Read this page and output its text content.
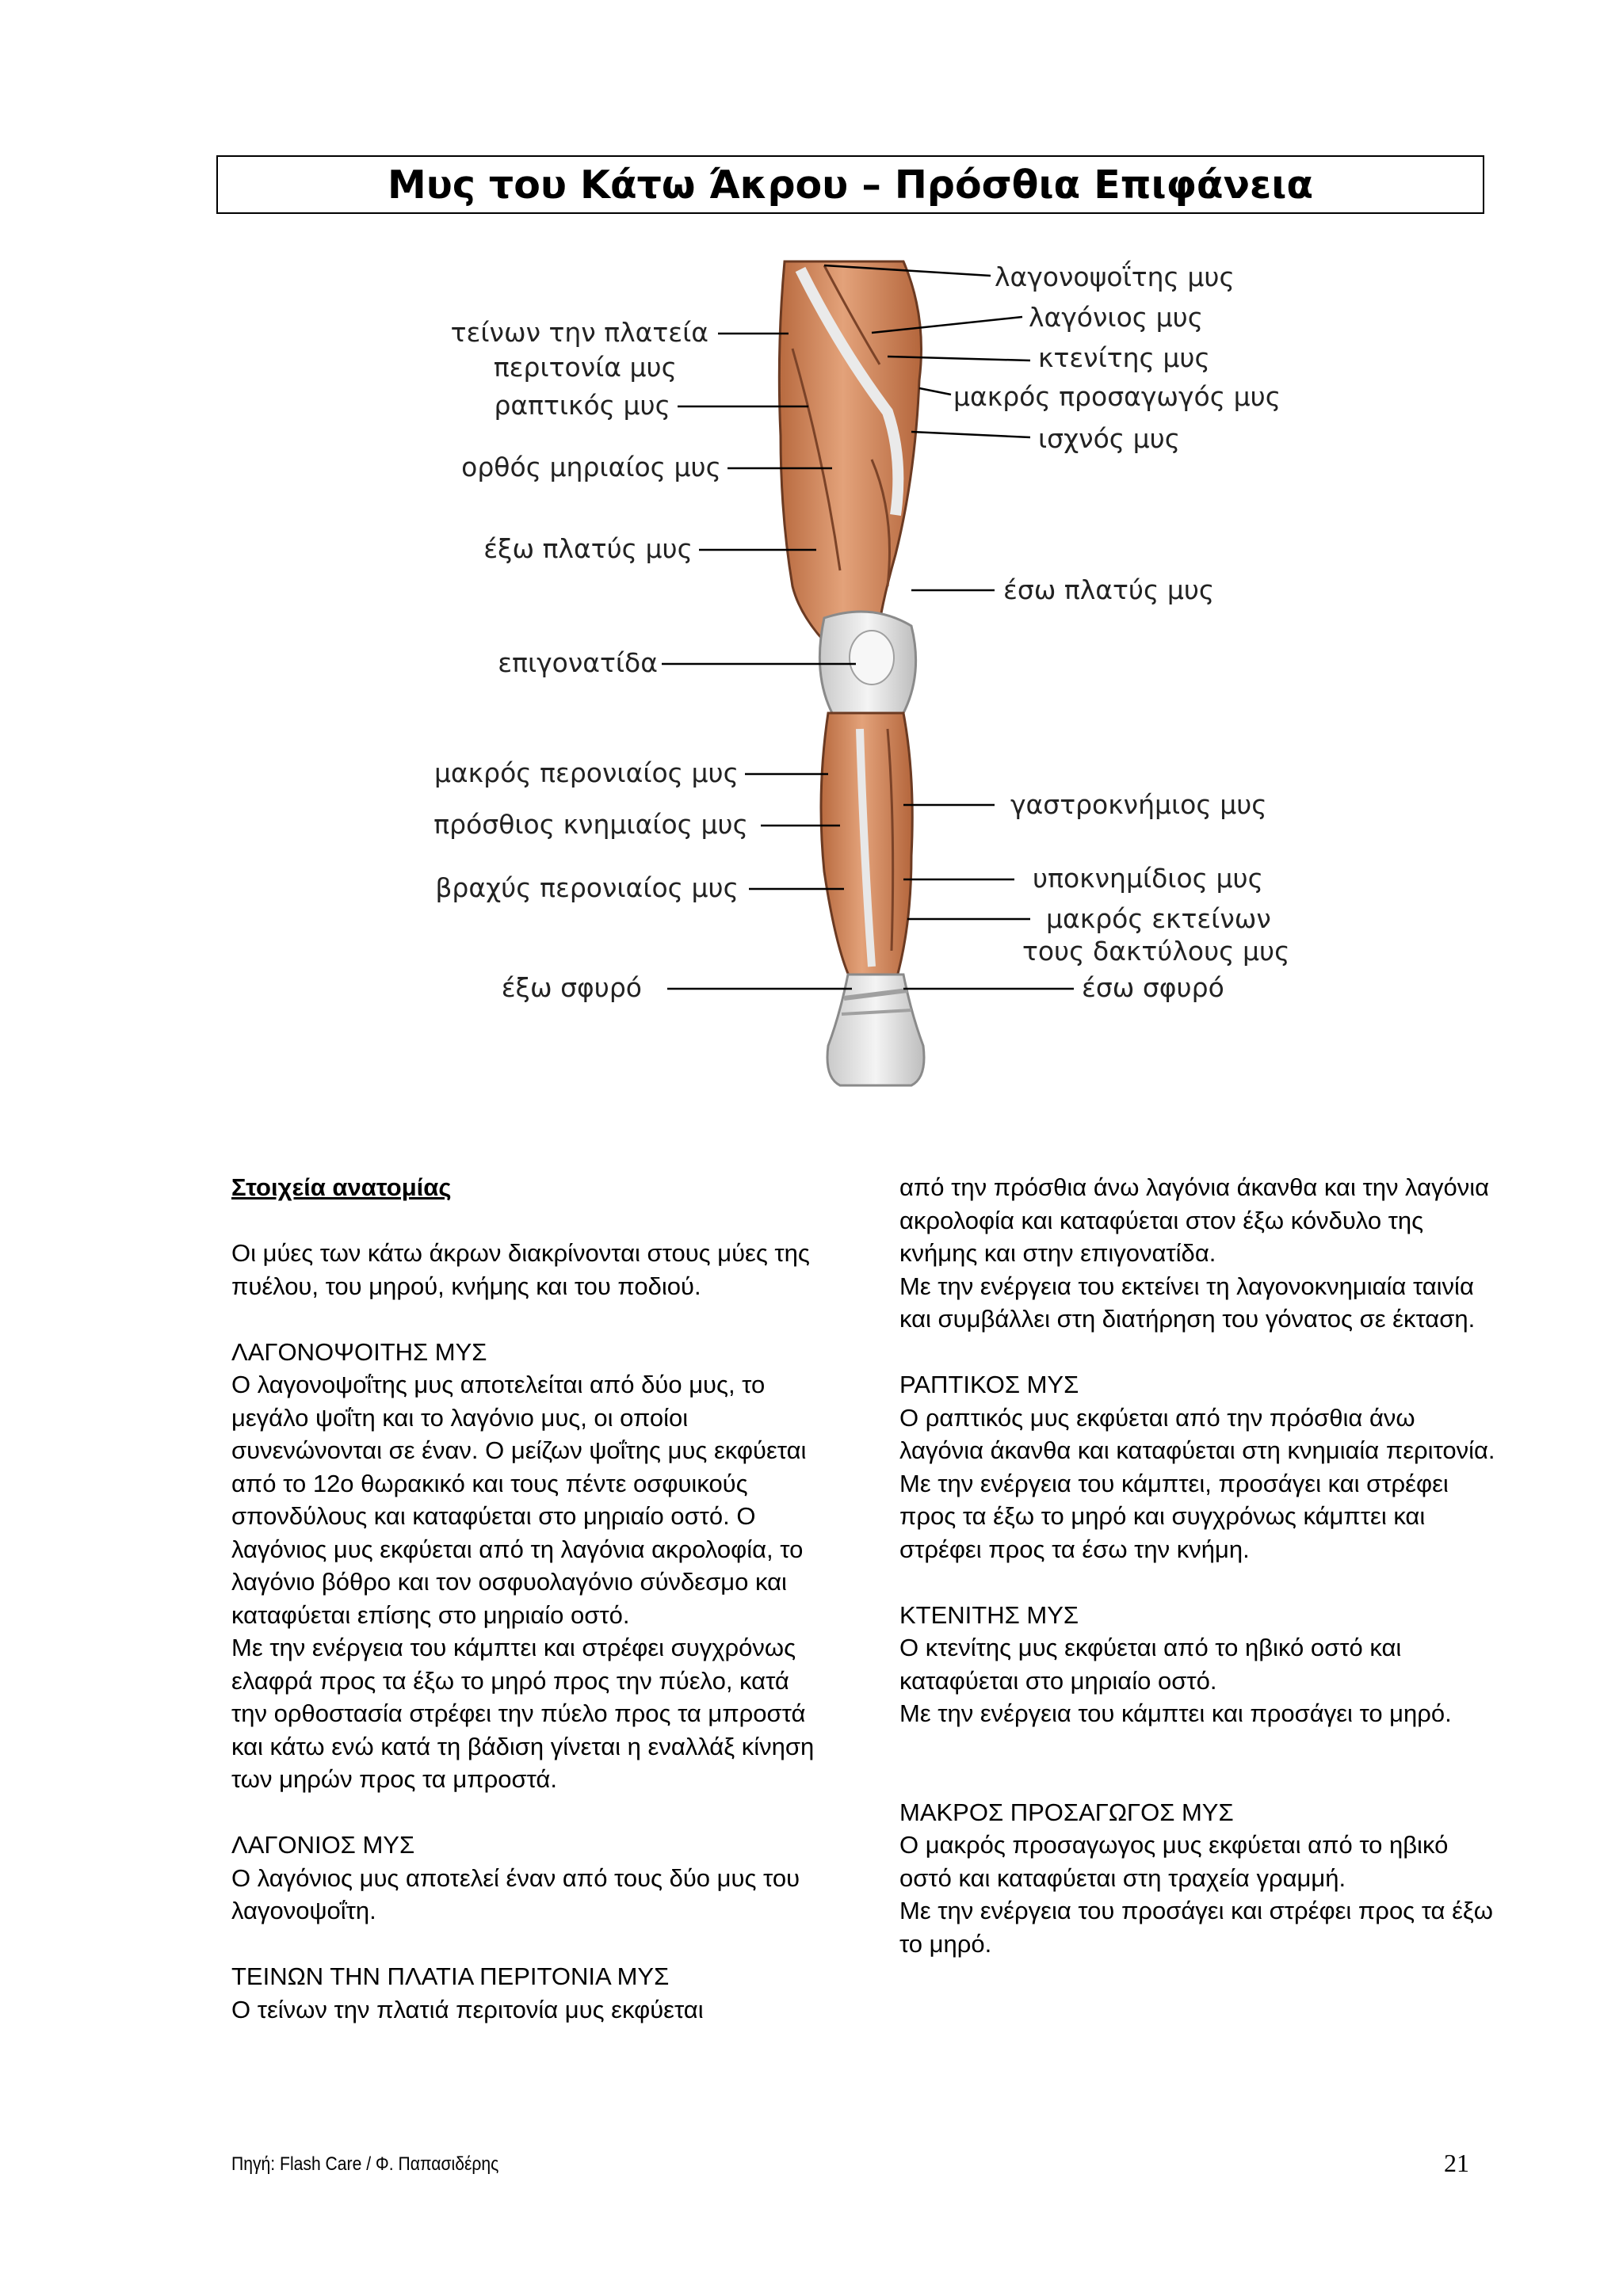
Μυς του Κάτω Άκρου – Πρόσθια Επιφάνεια
τείνων την πλατεία
περιτονία μυς
ραπτικός μυς
ορθός μηριαίος μυς
έξω πλατύς μυς
επιγονατίδα
μακρός περονιαίος μυς
πρόσθιος κνημιαίος μυς
βραχύς περονιαίος μυς
έξω σφυρό
λαγονοψοΐτης μυς
λαγόνιος μυς
κτενίτης μυς
μακρός προσαγωγός μυς
ισχνός μυς
έσω πλατύς μυς
γαστροκνήμιος μυς
υποκνημίδιος μυς
μακρός εκτείνων
τους δακτύλους μυς
έσω σφυρό

Στοιχεία ανατομίας

Οι μύες των κάτω άκρων διακρίνονται στους μύες της πυέλου, του μηρού, κνήμης και του ποδιού.

ΛΑΓΟΝΟΨΟΙΤΗΣ ΜΥΣ

Ο λαγονοψοΐτης μυς αποτελείται από δύο μυς, το μεγάλο ψοΐτη και το λαγόνιο μυς, οι οποίοι συνενώνονται σε έναν. Ο μείζων ψοΐτης μυς εκφύεται από το 12ο θωρακικό και τους πέντε οσφυικούς σπονδύλους και καταφύεται στο μηριαίο οστό. Ο λαγόνιος μυς εκφύεται από τη λαγόνια ακρολοφία, το λαγόνιο βόθρο και τον οσφυολαγόνιο σύνδεσμο και καταφύεται επίσης στο μηριαίο οστό.

Με την ενέργεια του κάμπτει και στρέφει συγχρόνως ελαφρά προς τα έξω το μηρό προς την πύελο, κατά την ορθοστασία στρέφει την πύελο προς τα μπροστά και κάτω ενώ κατά τη βάδιση γίνεται η εναλλάξ κίνηση των μηρών προς τα μπροστά.

ΛΑΓΟΝΙΟΣ ΜΥΣ

Ο λαγόνιος μυς αποτελεί έναν από τους δύο μυς του λαγονοψοΐτη.

ΤΕΙΝΩΝ ΤΗΝ ΠΛΑΤΙΑ ΠΕΡΙΤΟΝΙΑ ΜΥΣ

Ο τείνων την πλατιά περιτονία μυς εκφύεται

από την πρόσθια άνω λαγόνια άκανθα και την λαγόνια ακρολοφία και καταφύεται στον έξω κόνδυλο της κνήμης και στην επιγονατίδα.

Με την ενέργεια του εκτείνει τη λαγονοκνημιαία ταινία και συμβάλλει στη διατήρηση του γόνατος σε έκταση.

ΡΑΠΤΙΚΟΣ ΜΥΣ

Ο ραπτικός μυς εκφύεται από την πρόσθια άνω λαγόνια άκανθα και καταφύεται στη κνημιαία περιτονία.

Με την ενέργεια του κάμπτει, προσάγει και στρέφει προς τα έξω το μηρό και συγχρόνως κάμπτει και στρέφει προς τα έσω την κνήμη.

ΚΤΕΝΙΤΗΣ ΜΥΣ

Ο κτενίτης μυς εκφύεται από το ηβικό οστό και καταφύεται στο μηριαίο οστό.

Με την ενέργεια του κάμπτει και προσάγει το μηρό.

ΜΑΚΡΟΣ ΠΡΟΣΑΓΩΓΟΣ ΜΥΣ

Ο μακρός προσαγωγος μυς εκφύεται από το ηβικό οστό και καταφύεται στη τραχεία γραμμή.

Με την ενέργεια του προσάγει και στρέφει προς τα έξω το μηρό.

Πηγή: Flash Care / Φ. Παπασιδέρης	21
